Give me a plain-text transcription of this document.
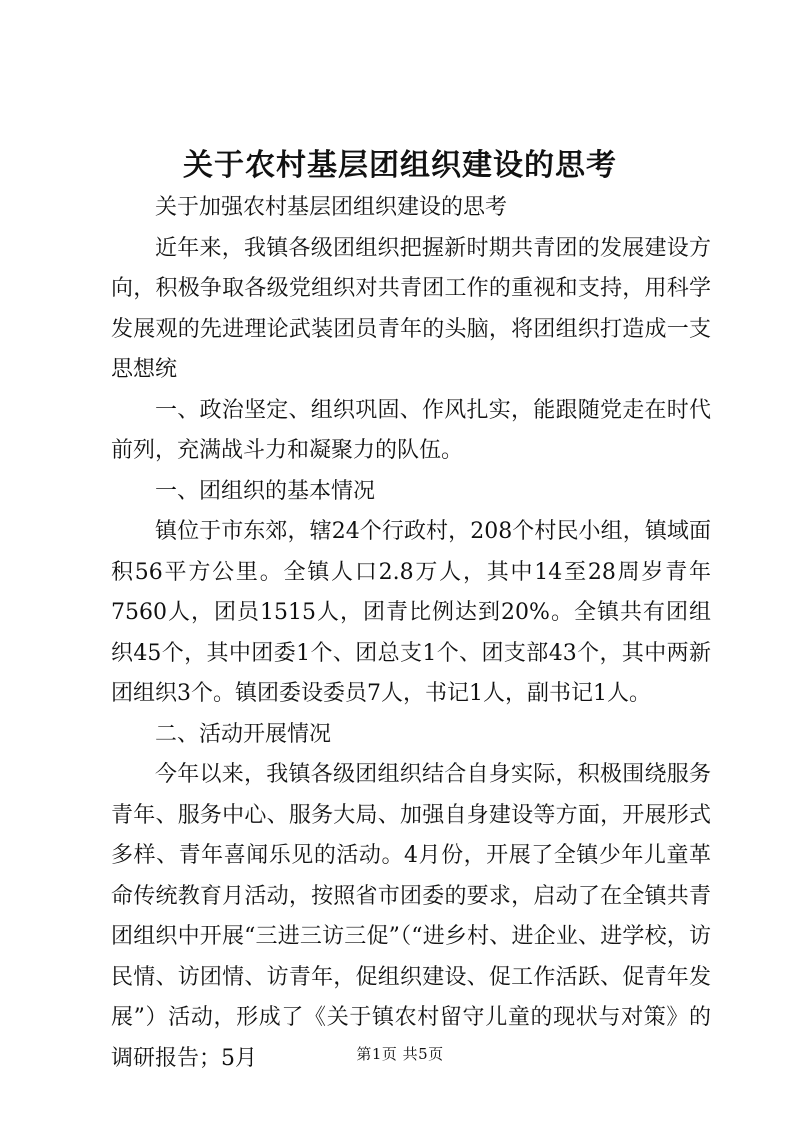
关于农村基层团组织建设的思考

关于加强农村基层团组织建设的思考

近年来，我镇各级团组织把握新时期共青团的发展建设方向，积极争取各级党组织对共青团工作的重视和支持，用科学发展观的先进理论武装团员青年的头脑，将团组织打造成一支思想统

一、政治坚定、组织巩固、作风扎实，能跟随党走在时代前列，充满战斗力和凝聚力的队伍。

一、团组织的基本情况

镇位于市东郊，辖24个行政村，208个村民小组，镇域面积56平方公里。全镇人口2.8万人，其中14至28周岁青年7560人，团员1515人，团青比例达到20%。全镇共有团组织45个，其中团委1个、团总支1个、团支部43个，其中两新团组织3个。镇团委设委员7人，书记1人，副书记1人。

二、活动开展情况

今年以来，我镇各级团组织结合自身实际，积极围绕服务青年、服务中心、服务大局、加强自身建设等方面，开展形式多样、青年喜闻乐见的活动。4月份，开展了全镇少年儿童革命传统教育月活动，按照省市团委的要求，启动了在全镇共青团组织中开展“三进三访三促”（“进乡村、进企业、进学校，访民情、访团情、访青年，促组织建设、促工作活跃、促青年发展”）活动，形成了《关于镇农村留守儿童的现状与对策》的调研报告；5月	第1页 共5页
